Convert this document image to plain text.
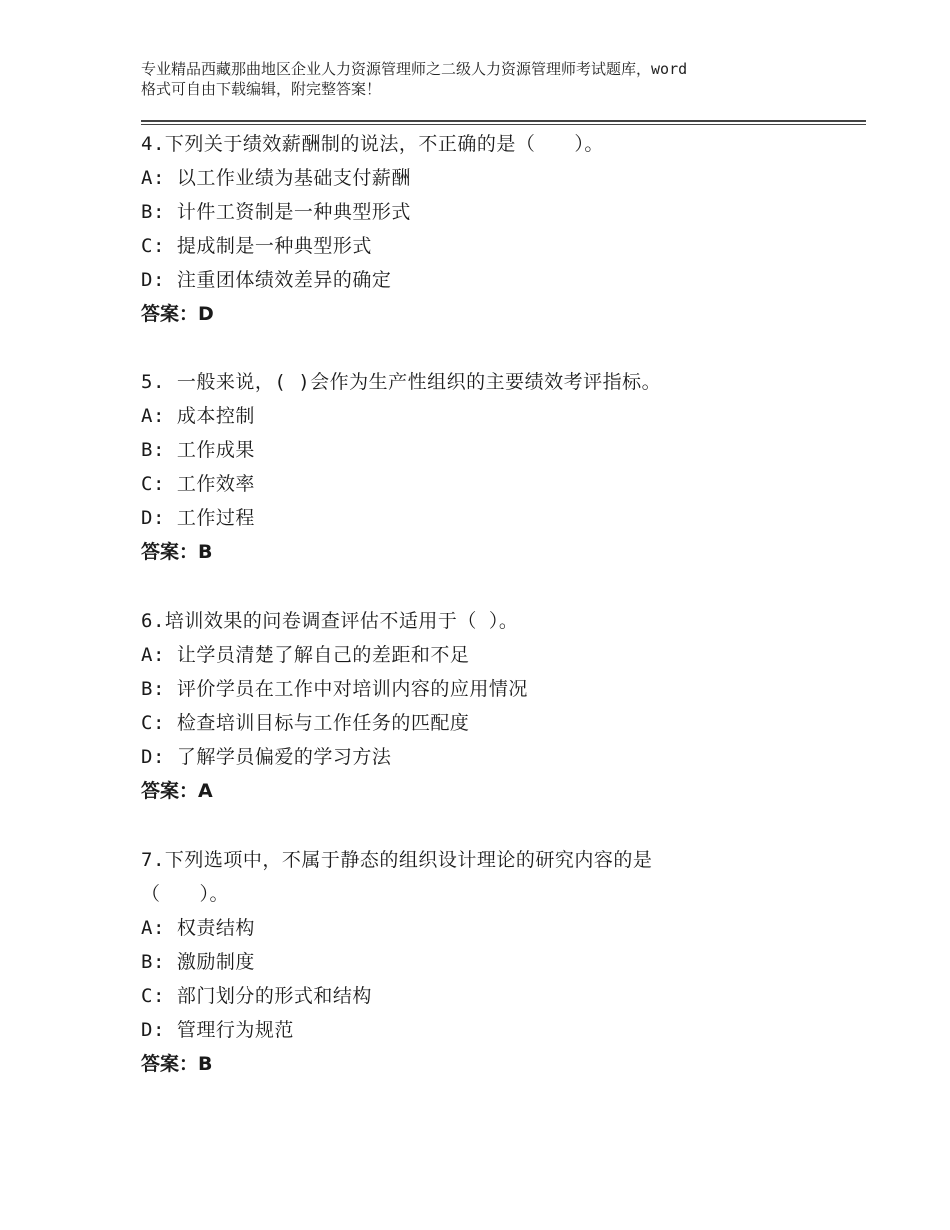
专业精品西藏那曲地区企业人力资源管理师之二级人力资源管理师考试题库，word
格式可自由下载编辑，附完整答案！
4.下列关于绩效薪酬制的说法，不正确的是（　　）。
A: 以工作业绩为基础支付薪酬
B: 计件工资制是一种典型形式
C: 提成制是一种典型形式
D: 注重团体绩效差异的确定
答案：D
5. 一般来说，( )会作为生产性组织的主要绩效考评指标。
A: 成本控制
B: 工作成果
C: 工作效率
D: 工作过程
答案：B
6.培训效果的问卷调查评估不适用于（ ）。
A: 让学员清楚了解自己的差距和不足
B: 评价学员在工作中对培训内容的应用情况
C: 检查培训目标与工作任务的匹配度
D: 了解学员偏爱的学习方法
答案：A
7.下列选项中，不属于静态的组织设计理论的研究内容的是
（　　）。
A: 权责结构
B: 激励制度
C: 部门划分的形式和结构
D: 管理行为规范
答案：B
